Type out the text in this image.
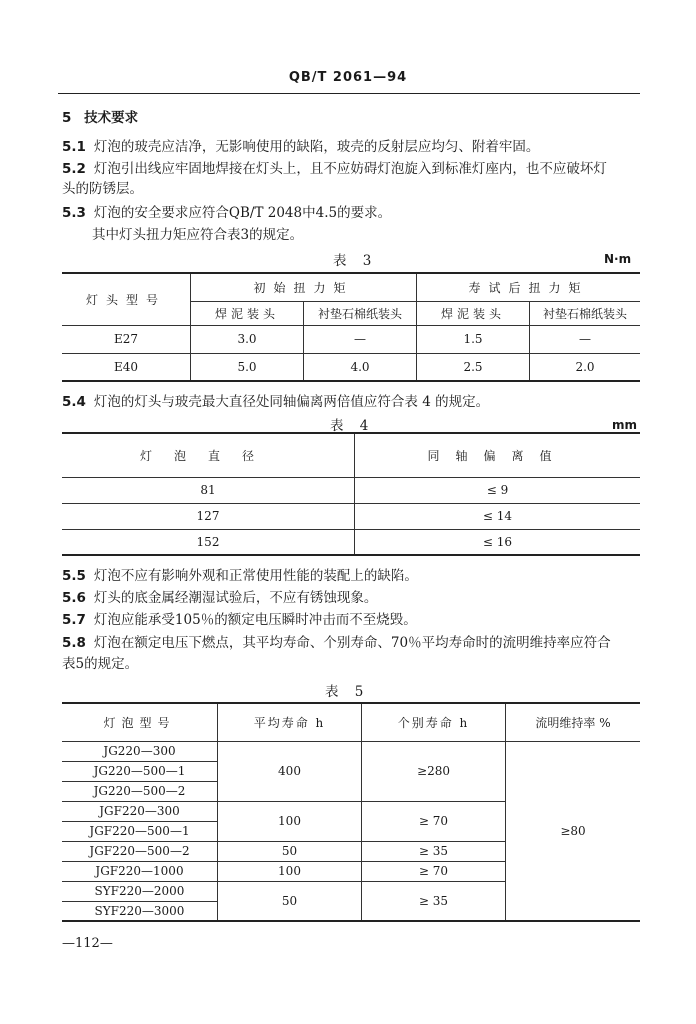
QB/T 2061—94
5 技术要求
5.1 灯泡的玻壳应洁净，无影响使用的缺陷，玻壳的反射层应均匀、附着牢固。
5.2 灯泡引出线应牢固地焊接在灯头上，且不应妨碍灯泡旋入到标准灯座内，也不应破坏灯
头的防锈层。
5.3 灯泡的安全要求应符合QB/T 2048中4.5的要求。
其中灯头扭力矩应符合表3的规定。
表 3	N·m
灯头型号	初始扭力矩		寿试后扭力矩	
	焊泥装头	衬垫石棉纸装头	焊泥装头	衬垫石棉纸装头
E27	3.0	—	1.5	—
E40	5.0	4.0	2.5	2.0
5.4 灯泡的灯头与玻壳最大直径处同轴偏离两倍值应符合表 4 的规定。
表 4	mm
灯泡直径	同轴偏离值
81	≤ 9
127	≤ 14
152	≤ 16
5.5 灯泡不应有影响外观和正常使用性能的装配上的缺陷。
5.6 灯头的底金属经潮湿试验后，不应有锈蚀现象。
5.7 灯泡应能承受105％的额定电压瞬时冲击而不至烧毁。
5.8 灯泡在额定电压下燃点，其平均寿命、个别寿命、70％平均寿命时的流明维持率应符合
表5的规定。
表 5
灯泡型号	平均寿命 h	个别寿命 h	流明维持率 %
JG220—300	400	≥280	≥80
JG220—500—1			
JG220—500—2			
JGF220—300	100	≥ 70	
JGF220—500—1			
JGF220—500—2	50	≥ 35	
JGF220—1000	100	≥ 70	
SYF220—2000	50	≥ 35	
SYF220—3000			
—112—
